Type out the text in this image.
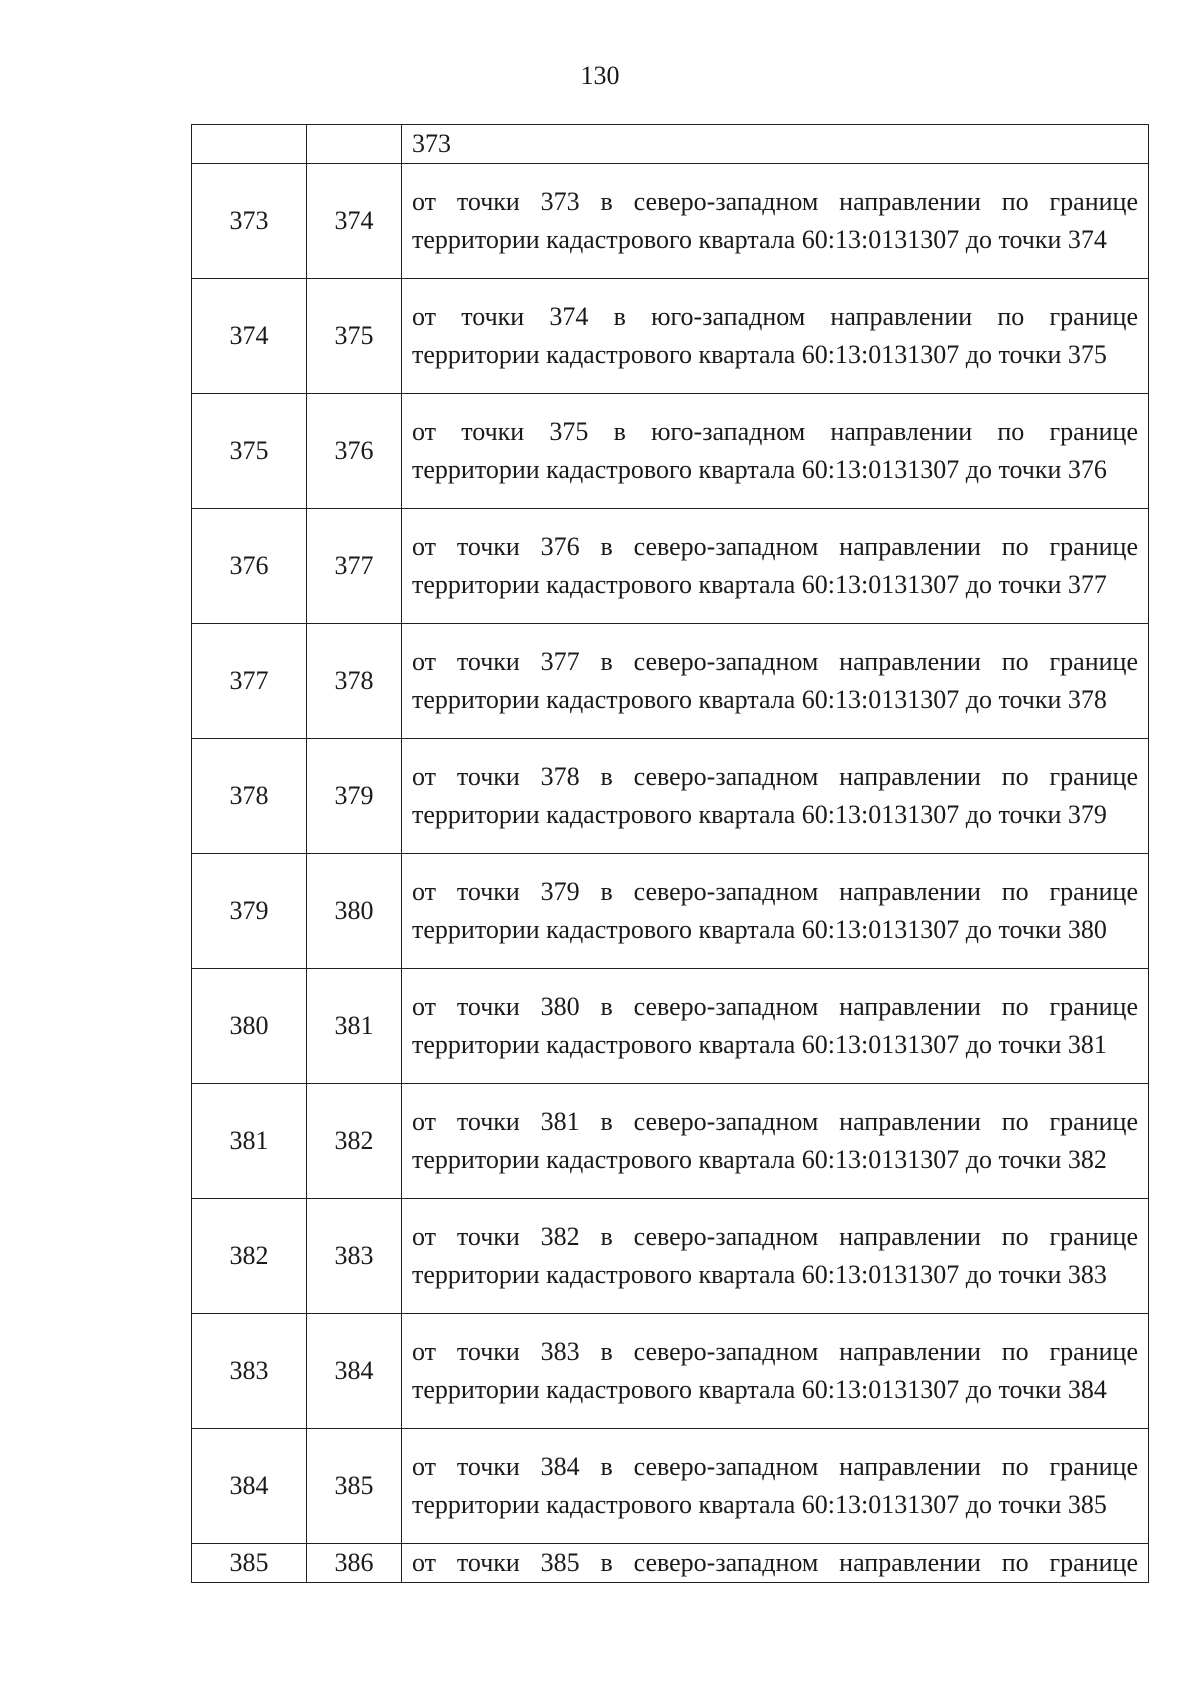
130
		373
373	374	от точки 373 в северо-западном направлении по границе территории кадастрового квартала 60:13:0131307 до точки 374
374	375	от точки 374 в юго-западном направлении по границе территории кадастрового квартала 60:13:0131307 до точки 375
375	376	от точки 375 в юго-западном направлении по границе территории кадастрового квартала 60:13:0131307 до точки 376
376	377	от точки 376 в северо-западном направлении по границе территории кадастрового квартала 60:13:0131307 до точки 377
377	378	от точки 377 в северо-западном направлении по границе территории кадастрового квартала 60:13:0131307 до точки 378
378	379	от точки 378 в северо-западном направлении по границе территории кадастрового квартала 60:13:0131307 до точки 379
379	380	от точки 379 в северо-западном направлении по границе территории кадастрового квартала 60:13:0131307 до точки 380
380	381	от точки 380 в северо-западном направлении по границе территории кадастрового квартала 60:13:0131307 до точки 381
381	382	от точки 381 в северо-западном направлении по границе территории кадастрового квартала 60:13:0131307 до точки 382
382	383	от точки 382 в северо-западном направлении по границе территории кадастрового квартала 60:13:0131307 до точки 383
383	384	от точки 383 в северо-западном направлении по границе территории кадастрового квартала 60:13:0131307 до точки 384
384	385	от точки 384 в северо-западном направлении по границе территории кадастрового квартала 60:13:0131307 до точки 385
385	386	от точки 385 в северо-западном направлении по границе
